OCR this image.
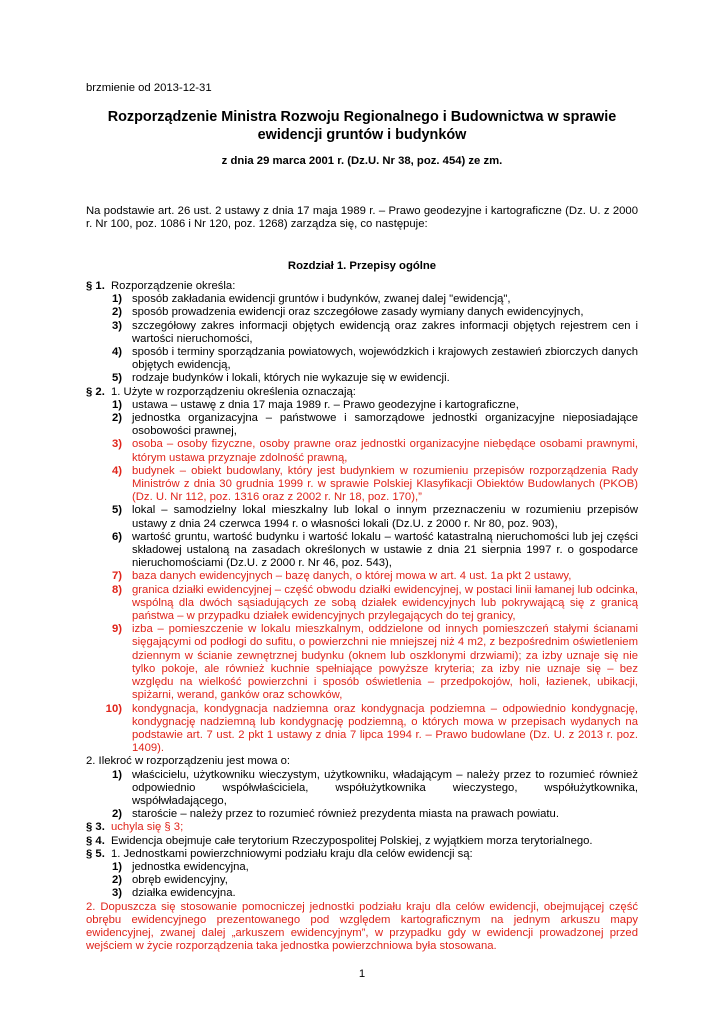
brzmienie od 2013-12-31
Rozporządzenie Ministra Rozwoju Regionalnego i Budownictwa w sprawie ewidencji gruntów i budynków
z dnia 29 marca 2001 r. (Dz.U. Nr 38, poz. 454) ze zm.
Na podstawie art. 26 ust. 2 ustawy z dnia 17 maja 1989 r. – Prawo geodezyjne i kartograficzne (Dz. U. z 2000 r. Nr 100, poz. 1086 i Nr 120, poz. 1268) zarządza się, co następuje:
Rozdział 1. Przepisy ogólne
§ 1. Rozporządzenie określa:
1) sposób zakładania ewidencji gruntów i budynków, zwanej dalej "ewidencją",
2) sposób prowadzenia ewidencji oraz szczegółowe zasady wymiany danych ewidencyjnych,
3) szczegółowy zakres informacji objętych ewidencją oraz zakres informacji objętych rejestrem cen i wartości nieruchomości,
4) sposób i terminy sporządzania powiatowych, wojewódzkich i krajowych zestawień zbiorczych danych objętych ewidencją,
5) rodzaje budynków i lokali, których nie wykazuje się w ewidencji.
§ 2. 1. Użyte w rozporządzeniu określenia oznaczają:
1) ustawa – ustawę z dnia 17 maja 1989 r. – Prawo geodezyjne i kartograficzne,
2) jednostka organizacyjna – państwowe i samorządowe jednostki organizacyjne nieposiadające osobowości prawnej,
3) osoba – osoby fizyczne, osoby prawne oraz jednostki organizacyjne niebędące osobami prawnymi, którym ustawa przyznaje zdolność prawną,
4) budynek – obiekt budowlany, który jest budynkiem w rozumieniu przepisów rozporządzenia Rady Ministrów z dnia 30 grudnia 1999 r. w sprawie Polskiej Klasyfikacji Obiektów Budowlanych (PKOB) (Dz. U. Nr 112, poz. 1316 oraz z 2002 r. Nr 18, poz. 170),”
5) lokal – samodzielny lokal mieszkalny lub lokal o innym przeznaczeniu w rozumieniu przepisów ustawy z dnia 24 czerwca 1994 r. o własności lokali (Dz.U. z 2000 r. Nr 80, poz. 903),
6) wartość gruntu, wartość budynku i wartość lokalu – wartość katastralną nieruchomości lub jej części składowej ustaloną na zasadach określonych w ustawie z dnia 21 sierpnia 1997 r. o gospodarce nieruchomościami (Dz.U. z 2000 r. Nr 46, poz. 543),
7) baza danych ewidencyjnych – bazę danych, o której mowa w art. 4 ust. 1a pkt 2 ustawy,
8) granica działki ewidencyjnej – część obwodu działki ewidencyjnej, w postaci linii łamanej lub odcinka, wspólną dla dwóch sąsiadujących ze sobą działek ewidencyjnych lub pokrywającą się z granicą państwa – w przypadku działek ewidencyjnych przylegających do tej granicy,
9) izba – pomieszczenie w lokalu mieszkalnym, oddzielone od innych pomieszczeń stałymi ścianami sięgającymi od podłogi do sufitu, o powierzchni nie mniejszej niż 4 m2, z bezpośrednim oświetleniem dziennym w ścianie zewnętrznej budynku (oknem lub oszklonymi drzwiami); za izby uznaje się nie tylko pokoje, ale również kuchnie spełniające powyższe kryteria; za izby nie uznaje się – bez względu na wielkość powierzchni i sposób oświetlenia – przedpokojów, holi, łazienek, ubikacji, spiżarni, werand, ganków oraz schowków,
10) kondygnacja, kondygnacja nadziemna oraz kondygnacja podziemna – odpowiednio kondygnację, kondygnację nadziemną lub kondygnację podziemną, o których mowa w przepisach wydanych na podstawie art. 7 ust. 2 pkt 1 ustawy z dnia 7 lipca 1994 r. – Prawo budowlane (Dz. U. z 2013 r. poz. 1409).
2. Ilekroć w rozporządzeniu jest mowa o:
1) właścicielu, użytkowniku wieczystym, użytkowniku, władającym – należy przez to rozumieć również odpowiednio współwłaściciela, współużytkownika wieczystego, współużytkownika, współwładającego,
2) staroście – należy przez to rozumieć również prezydenta miasta na prawach powiatu.
§ 3. uchyla się § 3;
§ 4. Ewidencja obejmuje całe terytorium Rzeczypospolitej Polskiej, z wyjątkiem morza terytorialnego.
§ 5. 1. Jednostkami powierzchniowymi podziału kraju dla celów ewidencji są:
1) jednostka ewidencyjna,
2) obręb ewidencyjny,
3) działka ewidencyjna.
2. Dopuszcza się stosowanie pomocniczej jednostki podziału kraju dla celów ewidencji, obejmującej część obrębu ewidencyjnego prezentowanego pod względem kartograficznym na jednym arkuszu mapy ewidencyjnej, zwanej dalej „arkuszem ewidencyjnym”, w przypadku gdy w ewidencji prowadzonej przed wejściem w życie rozporządzenia taka jednostka powierzchniowa była stosowana.
1
